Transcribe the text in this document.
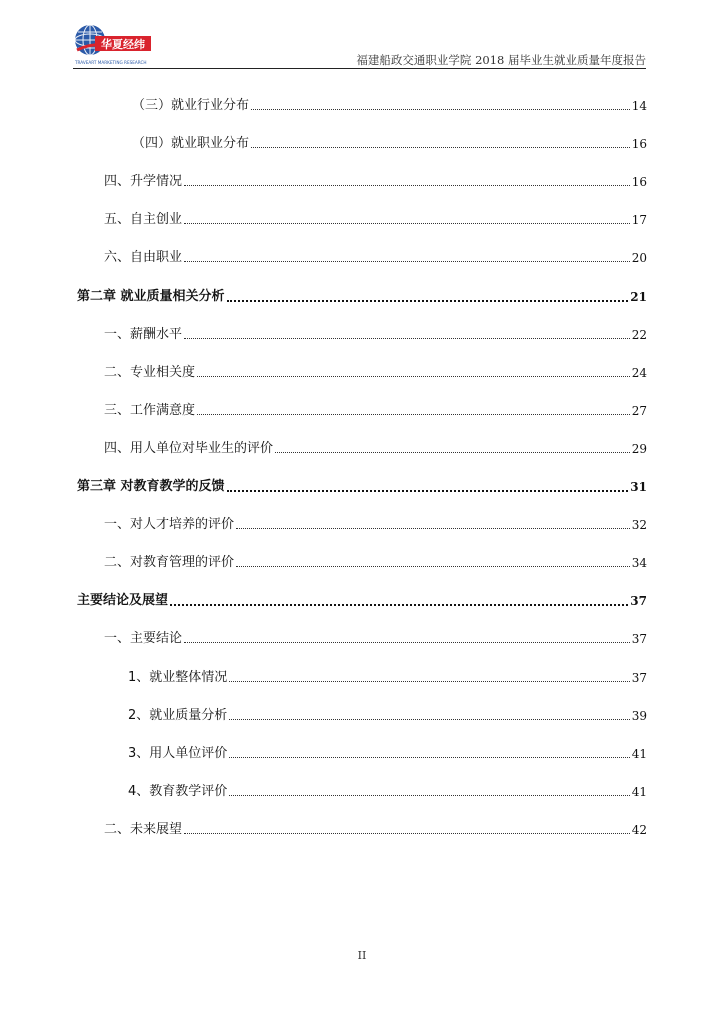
华夏经纬
TRAVEART MARKETING RESEARCH	福建船政交通职业学院 2018 届毕业生就业质量年度报告
（三）就业行业分布	14
（四）就业职业分布	16
四、升学情况	16
五、自主创业	17
六、自由职业	20
第二章 就业质量相关分析	21
一、薪酬水平	22
二、专业相关度	24
三、工作满意度	27
四、用人单位对毕业生的评价	29
第三章 对教育教学的反馈	31
一、对人才培养的评价	32
二、对教育管理的评价	34
主要结论及展望	37
一、主要结论	37
1、就业整体情况	37
2、就业质量分析	39
3、用人单位评价	41
4、教育教学评价	41
二、未来展望	42
II
